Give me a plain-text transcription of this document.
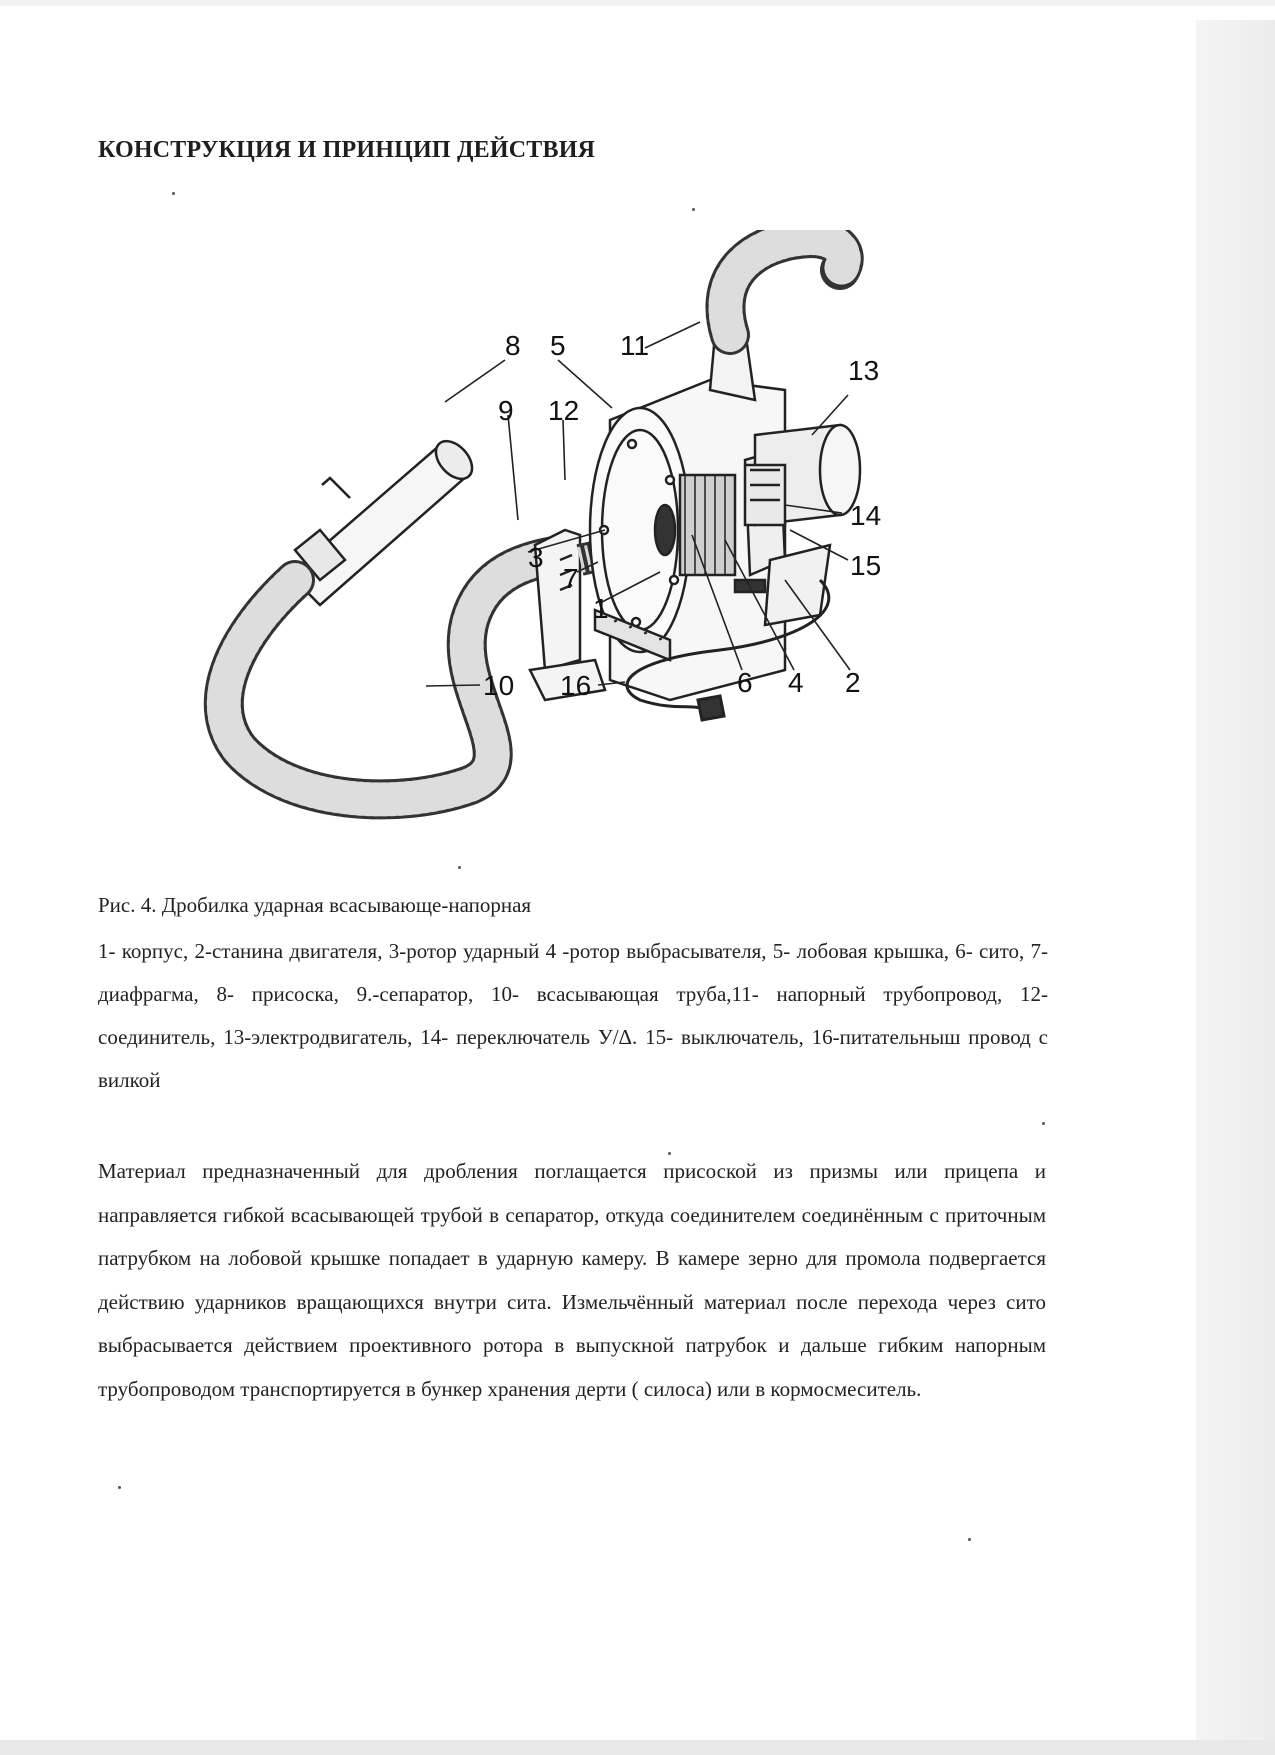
КОНСТРУКЦИЯ И ПРИНЦИП ДЕЙСТВИЯ
8 5 11
13
9 12
14
3	15
7
1
10 16	6 4 2

Рис. 4. Дробилка ударная всасывающе-напорная

1- корпус, 2-станина двигателя, 3-ротор ударный 4 -ротор выбрасывателя, 5- лобовая крышка, 6- сито, 7- диафрагма, 8- присоска, 9.-сепаратор, 10- всасывающая труба,11- напорный трубопровод, 12-соединитель, 13-электродвигатель, 14- переключатель У/Δ. 15- выключатель, 16-питательныш провод с вилкой

Материал предназначенный для дробления поглащается присоской из призмы или прицепа и направляется гибкой всасывающей трубой в сепаратор, откуда соединителем соединённым с приточным патрубком на лобовой крышке попадает в ударную камеру. В камере зерно для промола подвергается действию ударников вращающихся внутри сита. Измельчённый материал после перехода через сито выбрасывается действием проективного ротора в выпускной патрубок и дальше гибким напорным трубопроводом транспортируется в бункер хранения дерти ( силоса) или в кормосмеситель.
